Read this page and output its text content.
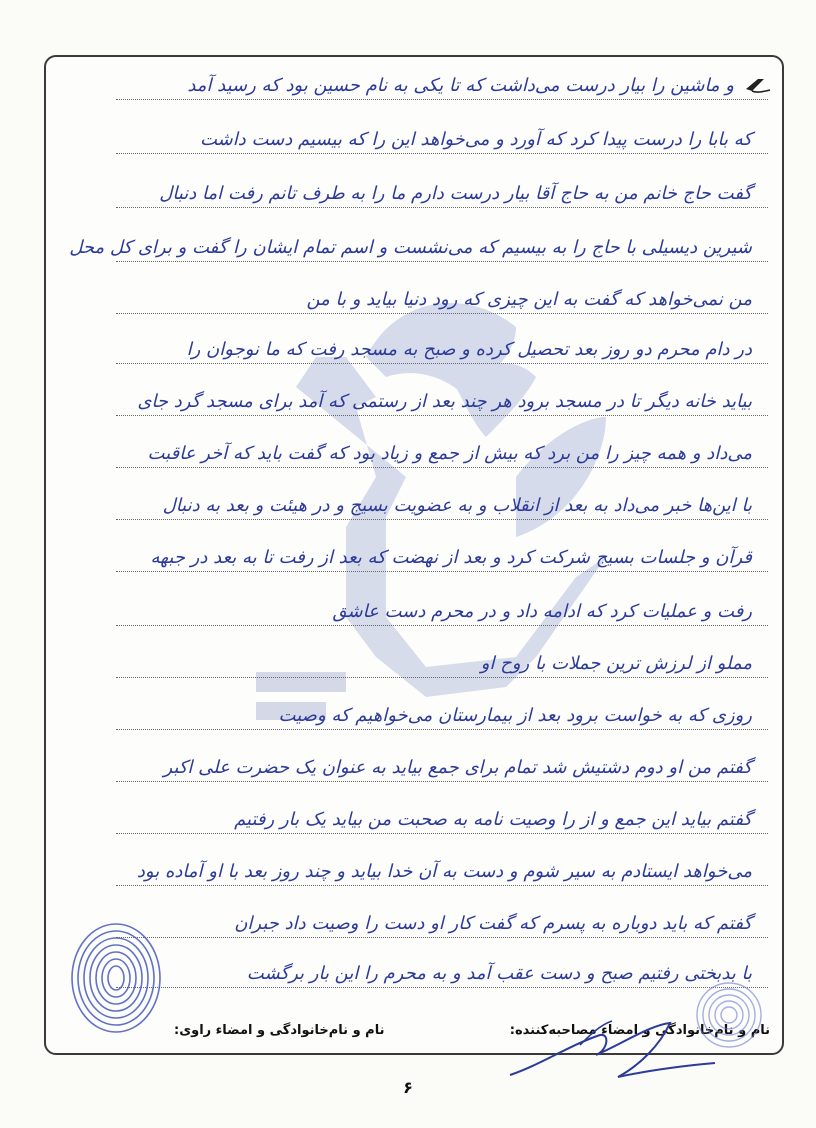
و ماشین را بیار درست می‌داشت که تا یکی به نام حسین بود که رسید آمد
که بابا را درست پیدا کرد که آورد و می‌خواهد این را که بیسیم دست داشت
گفت حاج خانم من به حاج آقا بیار درست دارم ما را به طرف تانم رفت اما دنبال
شیرین دیسیلی با حاج را به بیسیم که می‌نشست و اسم تمام ایشان را گفت و برای کل محل
من نمی‌خواهد که گفت به این چیزی که رود دنیا بیاید و با من
در دام محرم دو روز بعد تحصیل کرده و صبح به مسجد رفت که ما نوجوان را
بیاید خانه دیگر تا در مسجد برود هر چند بعد از رستمی که آمد برای مسجد گرد جای
می‌داد و همه چیز را من برد که بیش از جمع و زیاد بود که گفت باید که آخر عاقبت
با این‌ها خبر می‌داد به بعد از انقلاب و به عضویت بسیج و در هیئت و بعد به دنبال
قرآن و جلسات بسیج شرکت کرد و بعد از نهضت که بعد از رفت تا به بعد در جبهه
رفت و عملیات کرد که ادامه داد و در محرم دست عاشق
مملو از لرزش ترین جملات با روح او
روزی که به خواست برود بعد از بیمارستان می‌خواهیم که وصیت
گفتم من او دوم دشتیش شد تمام برای جمع بیاید به عنوان یک حضرت علی اکبر
گفتم بیاید این جمع و از را وصیت نامه به صحبت من بیاید یک بار رفتیم
می‌خواهد ایستادم به سیر شوم و دست به آن خدا بیاید و چند روز بعد با او آماده بود
گفتم که باید دوباره به پسرم که گفت کار او دست را وصیت داد جبران
با بدبختی رفتیم صبح و دست عقب آمد و به محرم را این بار برگشت
نام و نام‌خانوادگی و امضاء مصاحبه‌کننده:
نام و نام‌خانوادگی و امضاء راوی:
۶
